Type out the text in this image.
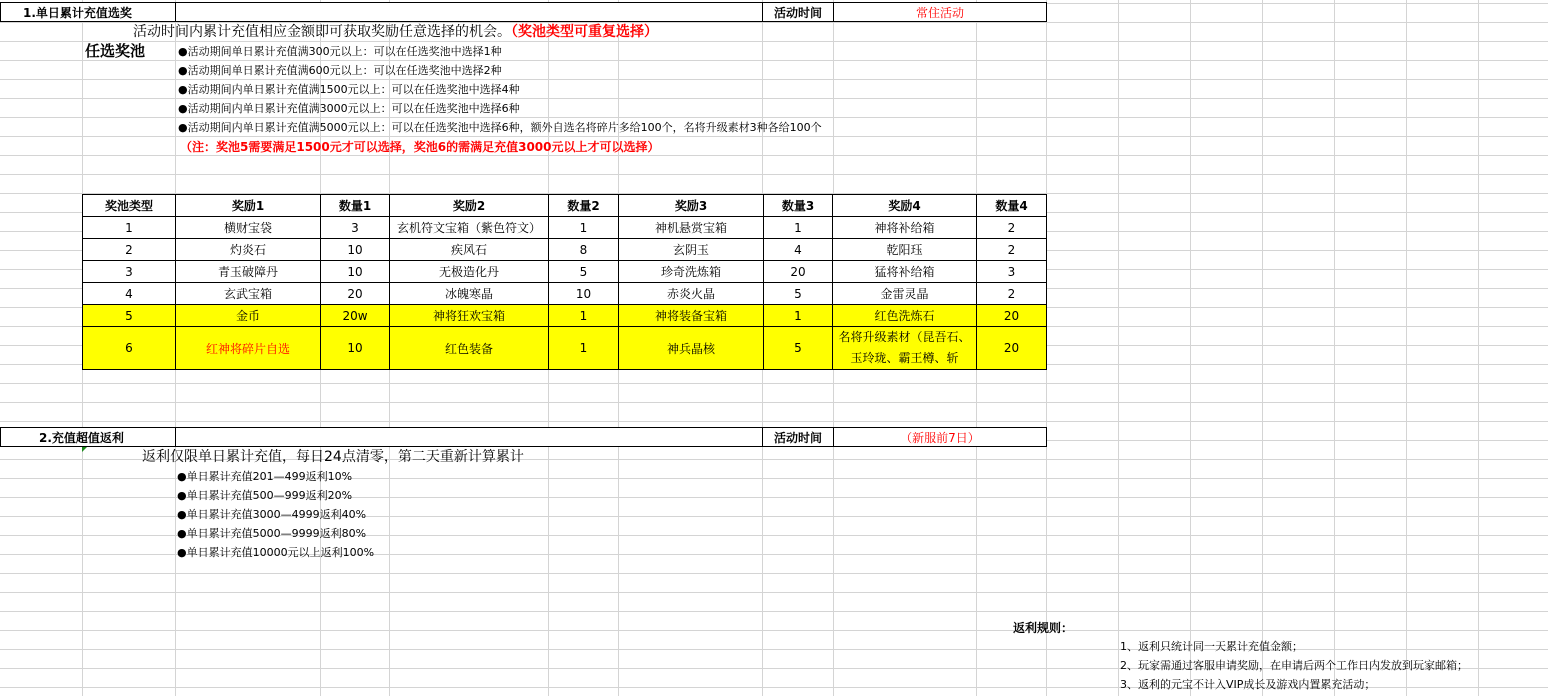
1.单日累计充值选奖	活动时间	常住活动
活动时间内累计充值相应金额即可获取奖励任意选择的机会。（奖池类型可重复选择）
任选奖池	●活动期间单日累计充值满300元以上：可以在任选奖池中选择1种
●活动期间单日累计充值满600元以上：可以在任选奖池中选择2种
●活动期间内单日累计充值满1500元以上：可以在任选奖池中选择4种
●活动期间内单日累计充值满3000元以上：可以在任选奖池中选择6种
●活动期间内单日累计充值满5000元以上：可以在任选奖池中选择6种，额外自选名将碎片多给100个，名将升级素材3种各给100个
（注：奖池5需要满足1500元才可以选择，奖池6的需满足充值3000元以上才可以选择）
奖池类型	奖励1	数量1	奖励2	数量2	奖励3	数量3	奖励4	数量4
1	横财宝袋	3	玄机符文宝箱（紫色符文）	1	神机悬赏宝箱	1	神将补给箱	2
2	灼炎石	10	疾风石	8	玄阴玉	4	乾阳珏	2
3	青玉破障丹	10	无极造化丹	5	珍奇洗炼箱	20	猛将补给箱	3
4	玄武宝箱	20	冰魄寒晶	10	赤炎火晶	5	金雷灵晶	2
5	金币	20w	神将狂欢宝箱	1	神将装备宝箱	1	红色洗炼石	20
6	红神将碎片自选	10	红色装备	1	神兵晶核	5	名将升级素材（昆吾石、玉玲珑、霸王樽、斩	20
2.充值超值返利	活动时间	（新服前7日）
返利仅限单日累计充值，每日24点清零，第二天重新计算累计
●单日累计充值201—499返利10%
●单日累计充值500—999返利20%
●单日累计充值3000—4999返利40%
●单日累计充值5000—9999返利80%
●单日累计充值10000元以上返利100%
返利规则：
1、返利只统计同一天累计充值金额；
2、玩家需通过客服申请奖励，在申请后两个工作日内发放到玩家邮箱；
3、返利的元宝不计入VIP成长及游戏内置累充活动；
